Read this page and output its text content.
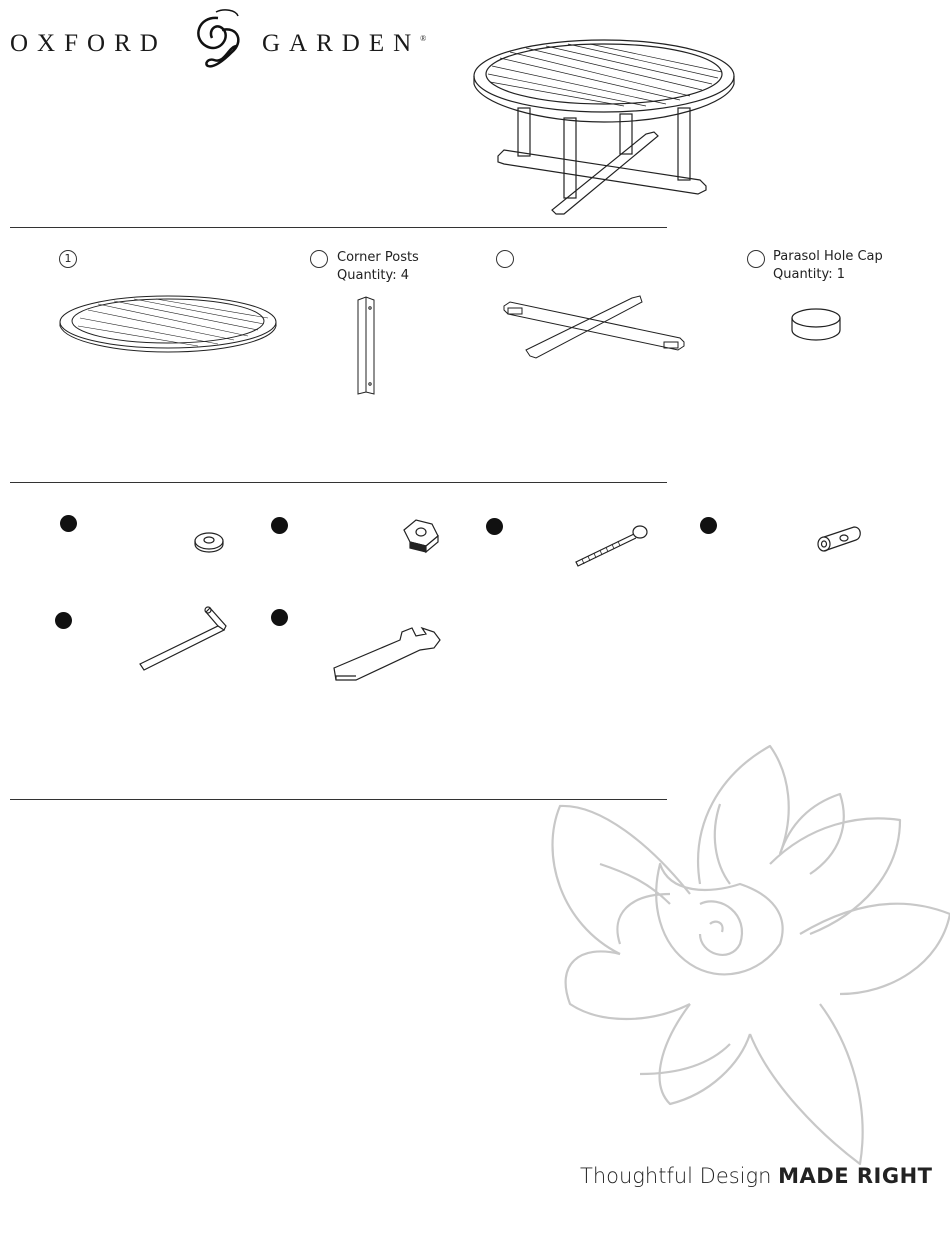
OXFORD	GARDEN®
1	Corner Posts
Quantity: 4
Parasol Hole Cap
Quantity: 1
Thoughtful Design MADE RIGHT
